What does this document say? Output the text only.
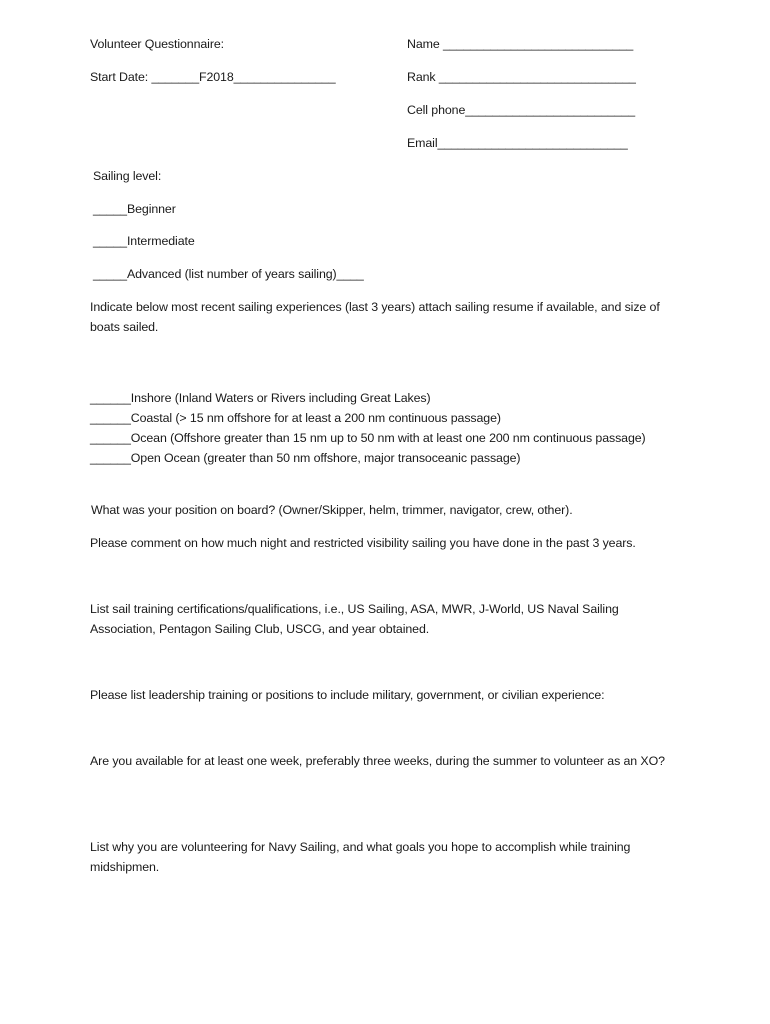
Volunteer Questionnaire:
Start Date: _______F2018_______________
Name ____________________________
Rank _____________________________
Cell phone_________________________
Email____________________________
Sailing level:
_____Beginner
_____Intermediate
_____Advanced (list number of years sailing)____
Indicate below most recent sailing experiences (last 3 years) attach sailing resume if available, and size of boats sailed.
______Inshore (Inland Waters or Rivers including Great Lakes)
______Coastal (> 15 nm offshore for at least a 200 nm continuous passage)
______Ocean (Offshore greater than 15 nm up to 50 nm with at least one 200 nm continuous passage)
______Open Ocean (greater than 50 nm offshore, major transoceanic passage)
What was your position on board? (Owner/Skipper, helm, trimmer, navigator, crew, other).
Please comment on how much night and restricted visibility sailing you have done in the past 3 years.
List sail training certifications/qualifications, i.e., US Sailing, ASA, MWR, J-World, US Naval Sailing Association, Pentagon Sailing Club, USCG, and year obtained.
Please list leadership training or positions to include military, government, or civilian experience:
Are you available for at least one week, preferably three weeks, during the summer to volunteer as an XO?
List why you are volunteering for Navy Sailing, and what goals you hope to accomplish while training midshipmen.
